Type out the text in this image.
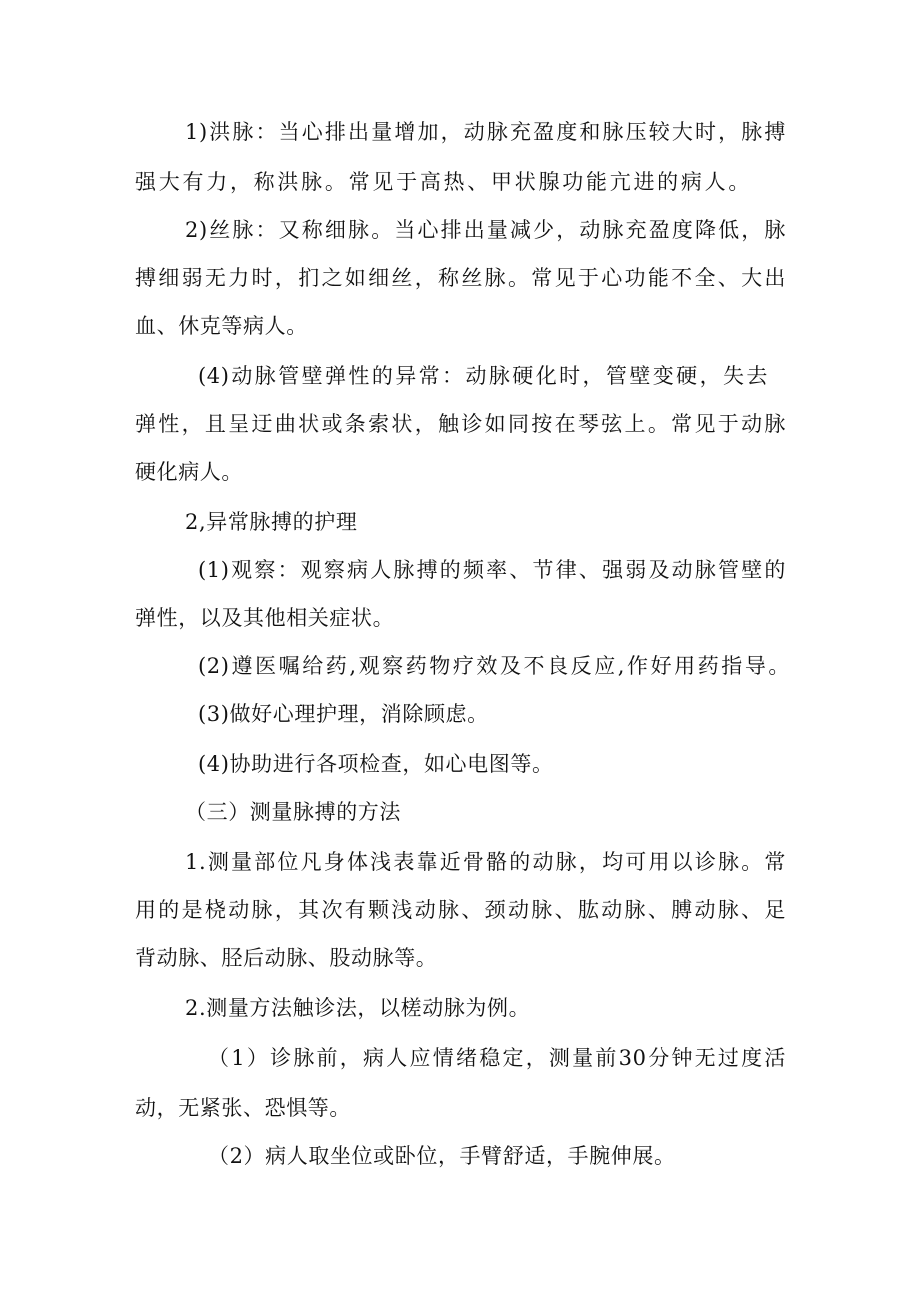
1)洪脉：当心排出量增加，动脉充盈度和脉压较大时，脉搏
强大有力，称洪脉。常见于高热、甲状腺功能亢进的病人。
2)丝脉：又称细脉。当心排出量减少，动脉充盈度降低，脉
搏细弱无力时，扪之如细丝，称丝脉。常见于心功能不全、大出
血、休克等病人。
(4)动脉管壁弹性的异常：动脉硬化时，管壁变硬，失去
弹性，且呈迂曲状或条索状，触诊如同按在琴弦上。常见于动脉
硬化病人。
2,异常脉搏的护理
(1)观察：观察病人脉搏的频率、节律、强弱及动脉管壁的
弹性，以及其他相关症状。
(2)遵医嘱给药,观察药物疗效及不良反应,作好用药指导。
(3)做好心理护理，消除顾虑。
(4)协助进行各项检查，如心电图等。
（三）测量脉搏的方法
1.测量部位凡身体浅表靠近骨骼的动脉，均可用以诊脉。常
用的是桡动脉，其次有颗浅动脉、颈动脉、肱动脉、膊动脉、足
背动脉、胫后动脉、股动脉等。
2.测量方法触诊法，以槎动脉为例。
（1）诊脉前，病人应情绪稳定，测量前30分钟无过度活
动，无紧张、恐惧等。
（2）病人取坐位或卧位，手臂舒适，手腕伸展。
